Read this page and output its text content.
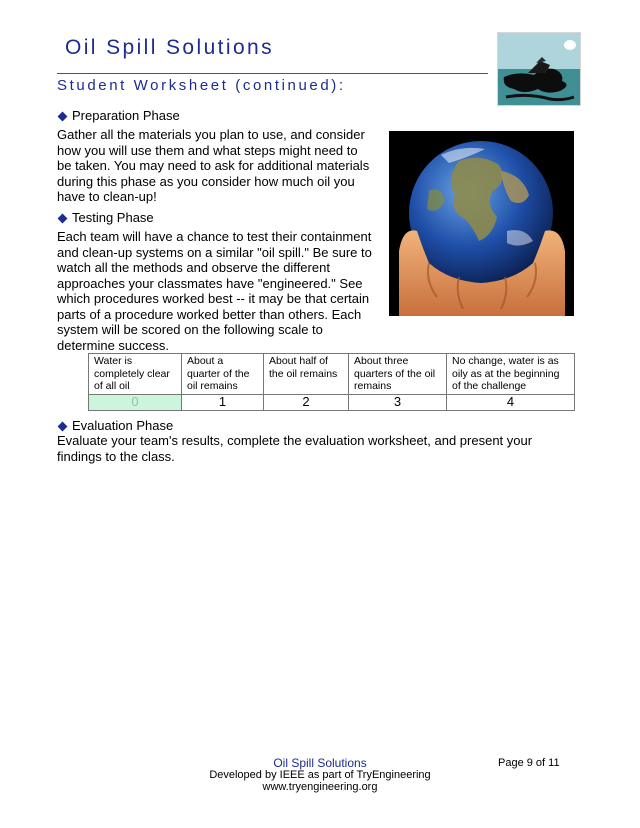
Oil Spill Solutions
Student Worksheet (continued):
Preparation Phase

Gather all the materials you plan to use, and consider
how you will use them and what steps might need to
be taken. You may need to ask for additional materials
during this phase as you consider how much oil you
have to clean-up!

Testing Phase

Each team will have a chance to test their containment
and clean-up systems on a similar "oil spill." Be sure to
watch all the methods and observe the different
approaches your classmates have "engineered." See
which procedures worked best -- it may be that certain
parts of a procedure worked better than others. Each
system will be scored on the following scale to
determine success.

Water is
completely clear
of all oil	About a
quarter of the
oil remains	About half of
the oil remains	About three
quarters of the oil
remains	No change, water is as
oily as at the beginning
of the challenge

0	1	2	3	4
Evaluation Phase

Evaluate your team's results, complete the evaluation worksheet, and present your
findings to the class.

Oil Spill Solutions
Developed by IEEE as part of TryEngineering
www.tryengineering.org
Page 9 of 11
